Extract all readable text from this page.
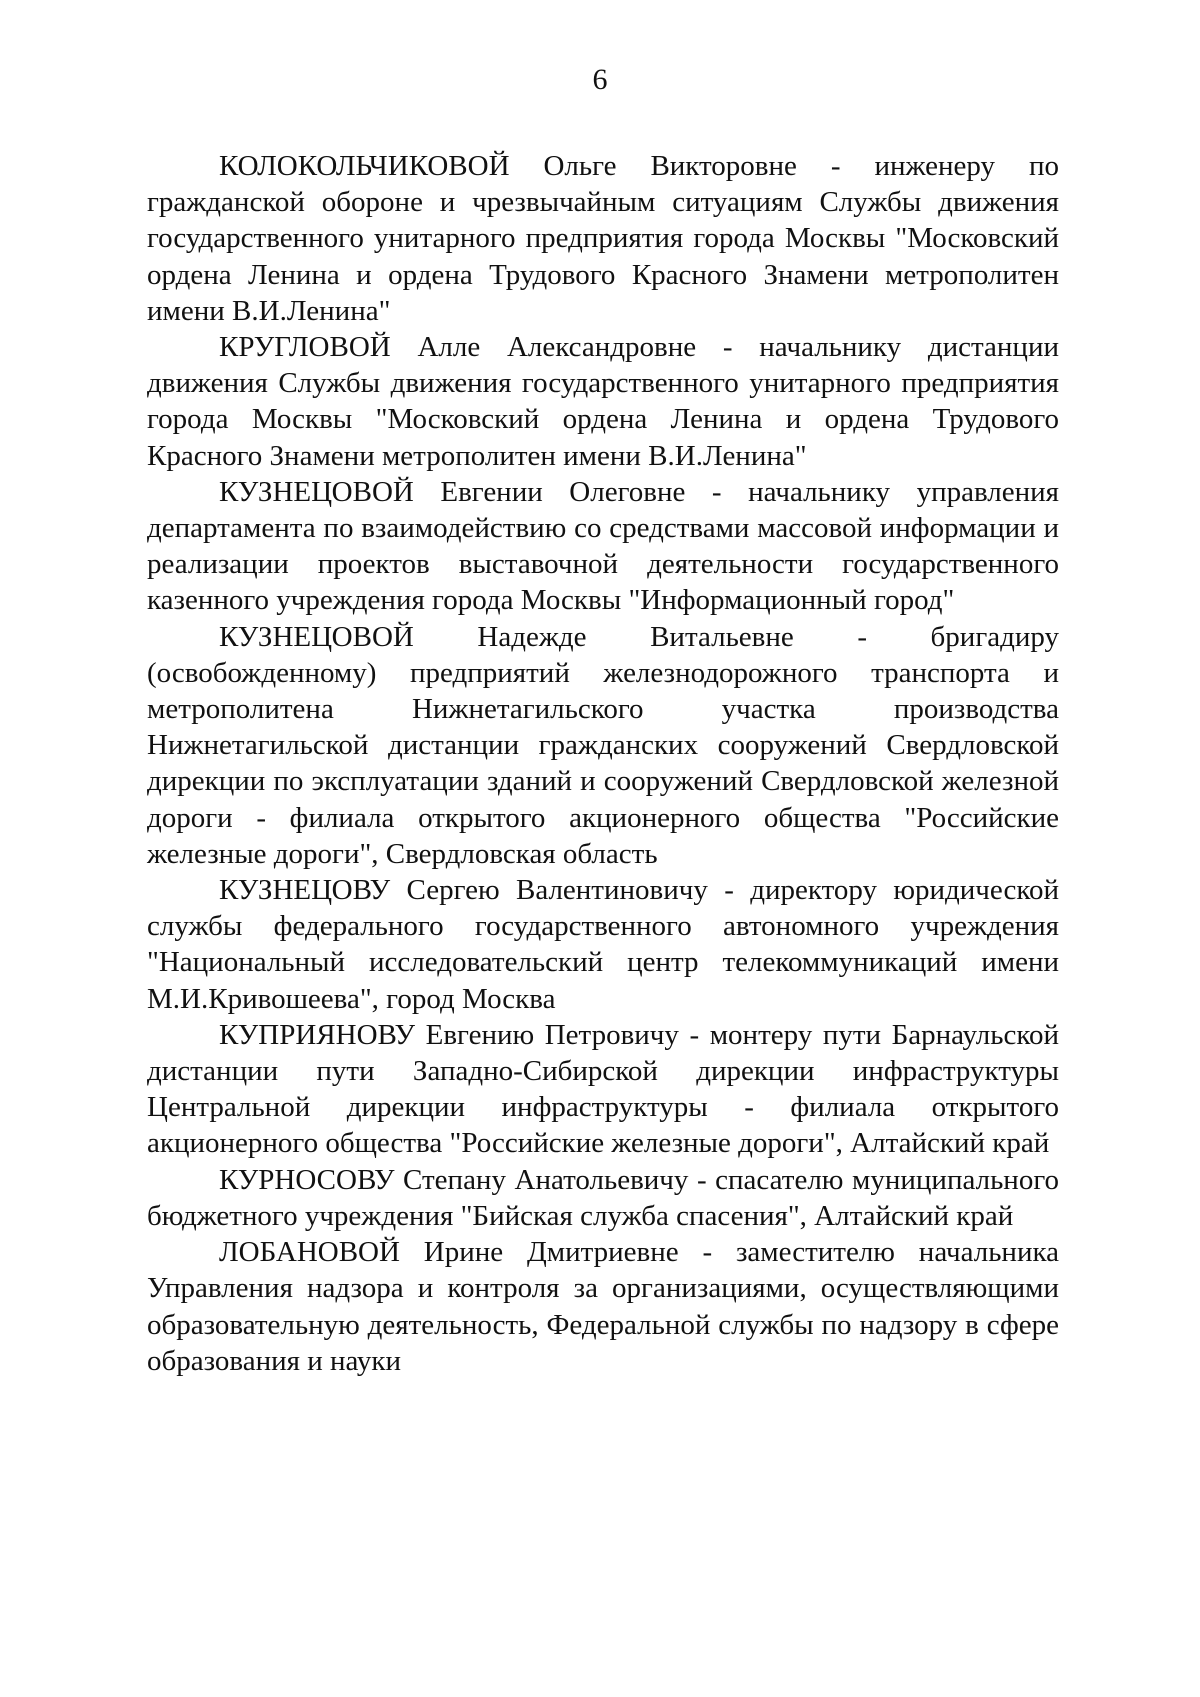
6

КОЛОКОЛЬЧИКОВОЙ Ольге Викторовне - инженеру по гражданской обороне и чрезвычайным ситуациям Службы движения государственного унитарного предприятия города Москвы "Московский ордена Ленина и ордена Трудового Красного Знамени метрополитен имени В.И.Ленина"

КРУГЛОВОЙ Алле Александровне - начальнику дистанции движения Службы движения государственного унитарного предприятия города Москвы "Московский ордена Ленина и ордена Трудового Красного Знамени метрополитен имени В.И.Ленина"

КУЗНЕЦОВОЙ Евгении Олеговне - начальнику управления департамента по взаимодействию со средствами массовой информации и реализации проектов выставочной деятельности государственного казенного учреждения города Москвы "Информационный город"

КУЗНЕЦОВОЙ Надежде Витальевне - бригадиру (освобожденному) предприятий железнодорожного транспорта и метрополитена Нижнетагильского участка производства Нижнетагильской дистанции гражданских сооружений Свердловской дирекции по эксплуатации зданий и сооружений Свердловской железной дороги - филиала открытого акционерного общества "Российские железные дороги", Свердловская область

КУЗНЕЦОВУ Сергею Валентиновичу - директору юридической службы федерального государственного автономного учреждения "Национальный исследовательский центр телекоммуникаций имени М.И.Кривошеева", город Москва

КУПРИЯНОВУ Евгению Петровичу - монтеру пути Барнаульской дистанции пути Западно-Сибирской дирекции инфраструктуры Центральной дирекции инфраструктуры - филиала открытого акционерного общества "Российские железные дороги", Алтайский край

КУРНОСОВУ Степану Анатольевичу - спасателю муниципального бюджетного учреждения "Бийская служба спасения", Алтайский край

ЛОБАНОВОЙ Ирине Дмитриевне - заместителю начальника Управления надзора и контроля за организациями, осуществляющими образовательную деятельность, Федеральной службы по надзору в сфере образования и науки
